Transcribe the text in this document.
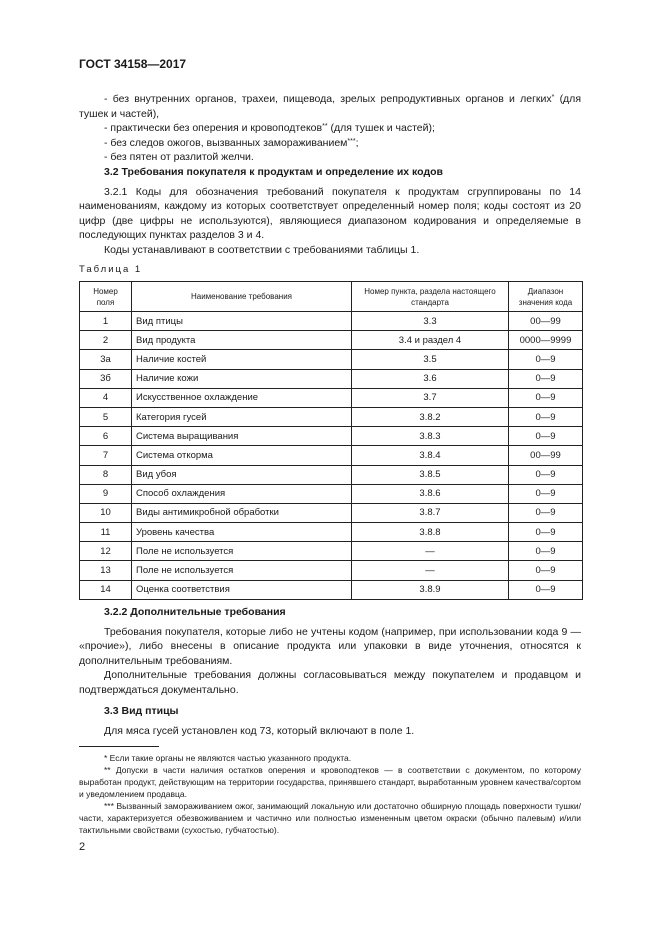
ГОСТ 34158—2017

- без внутренних органов, трахеи, пищевода, зрелых репродуктивных органов и легких* (для тушек и частей),

- практически без оперения и кровоподтеков** (для тушек и частей);

- без следов ожогов, вызванных замораживанием***;

- без пятен от разлитой желчи.

3.2 Требования покупателя к продуктам и определение их кодов

3.2.1 Коды для обозначения требований покупателя к продуктам сгруппированы по 14 наименованиям, каждому из которых соответствует определенный номер поля; коды состоят из 20 цифр (две цифры не используются), являющиеся диапазоном кодирования и определяемые в последующих пунктах разделов 3 и 4.

Коды устанавливают в соответствии с требованиями таблицы 1.

Таблица 1
Номер поля	Наименование требования	Номер пункта, раздела настоящего стандарта	Диапазон значения кода
1	Вид птицы	3.3	00—99
2	Вид продукта	3.4 и раздел 4	0000—9999
3а	Наличие костей	3.5	0—9
3б	Наличие кожи	3.6	0—9
4	Искусственное охлаждение	3.7	0—9
5	Категория гусей	3.8.2	0—9
6	Система выращивания	3.8.3	0—9
7	Система откорма	3.8.4	00—99
8	Вид убоя	3.8.5	0—9
9	Способ охлаждения	3.8.6	0—9
10	Виды антимикробной обработки	3.8.7	0—9
11	Уровень качества	3.8.8	0—9
12	Поле не используется	—	0—9
13	Поле не используется	—	0—9
14	Оценка соответствия	3.8.9	0—9

3.2.2 Дополнительные требования

Требования покупателя, которые либо не учтены кодом (например, при использовании кода 9 — «прочие»), либо внесены в описание продукта или упаковки в виде уточнения, относятся к дополнительным требованиям.

Дополнительные требования должны согласовываться между покупателем и продавцом и подтверждаться документально.

3.3 Вид птицы

Для мяса гусей установлен код 73, который включают в поле 1.

* Если такие органы не являются частью указанного продукта.

** Допуски в части наличия остатков оперения и кровоподтеков — в соответствии с документом, по которому выработан продукт, действующим на территории государства, принявшего стандарт, выработанным уровнем качества/сортом и уведомлением продавца.

*** Вызванный замораживанием ожог, занимающий локальную или достаточно обширную площадь поверхности тушки/части, характеризуется обезвоживанием и частично или полностью измененным цветом окраски (обычно палевым) и/или тактильными свойствами (сухостью, губчатостью).

2
